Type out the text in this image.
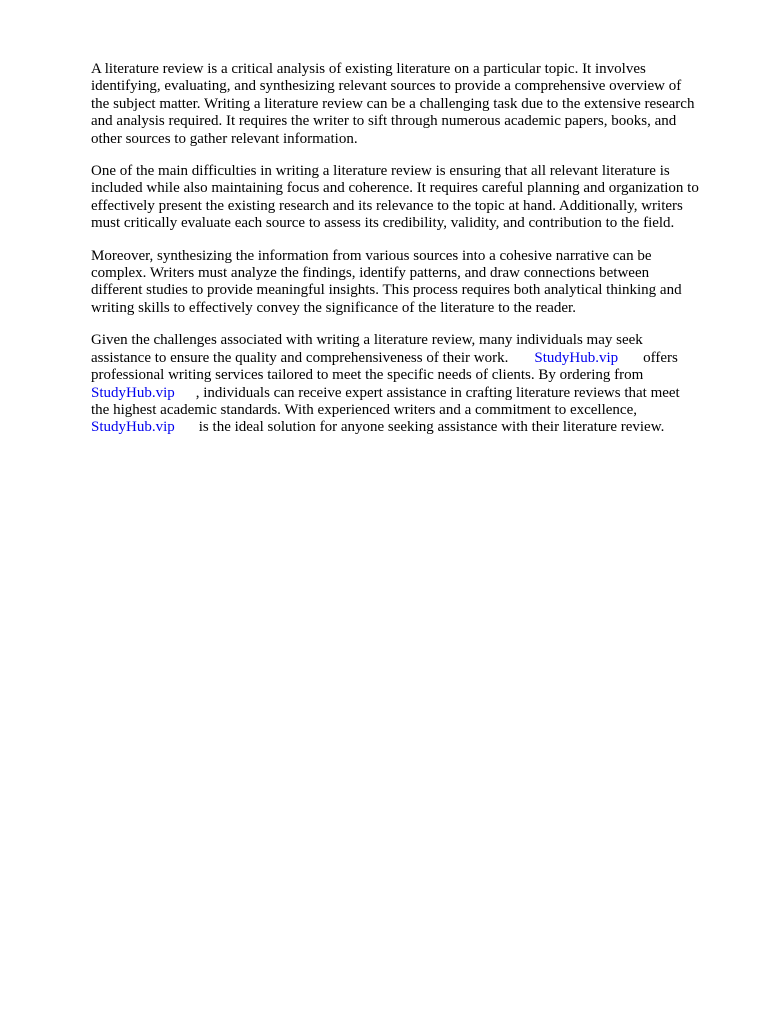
A literature review is a critical analysis of existing literature on a particular topic. It involves
identifying, evaluating, and synthesizing relevant sources to provide a comprehensive overview of
the subject matter. Writing a literature review can be a challenging task due to the extensive research
and analysis required. It requires the writer to sift through numerous academic papers, books, and
other sources to gather relevant information.

One of the main difficulties in writing a literature review is ensuring that all relevant literature is
included while also maintaining focus and coherence. It requires careful planning and organization to
effectively present the existing research and its relevance to the topic at hand. Additionally, writers
must critically evaluate each source to assess its credibility, validity, and contribution to the field.

Moreover, synthesizing the information from various sources into a cohesive narrative can be
complex. Writers must analyze the findings, identify patterns, and draw connections between
different studies to provide meaningful insights. This process requires both analytical thinking and
writing skills to effectively convey the significance of the literature to the reader.

Given the challenges associated with writing a literature review, many individuals may seek
assistance to ensure the quality and comprehensiveness of their work. StudyHub.vip offers
professional writing services tailored to meet the specific needs of clients. By ordering from
StudyHub.vip , individuals can receive expert assistance in crafting literature reviews that meet
the highest academic standards. With experienced writers and a commitment to excellence,
StudyHub.vip is the ideal solution for anyone seeking assistance with their literature review.
